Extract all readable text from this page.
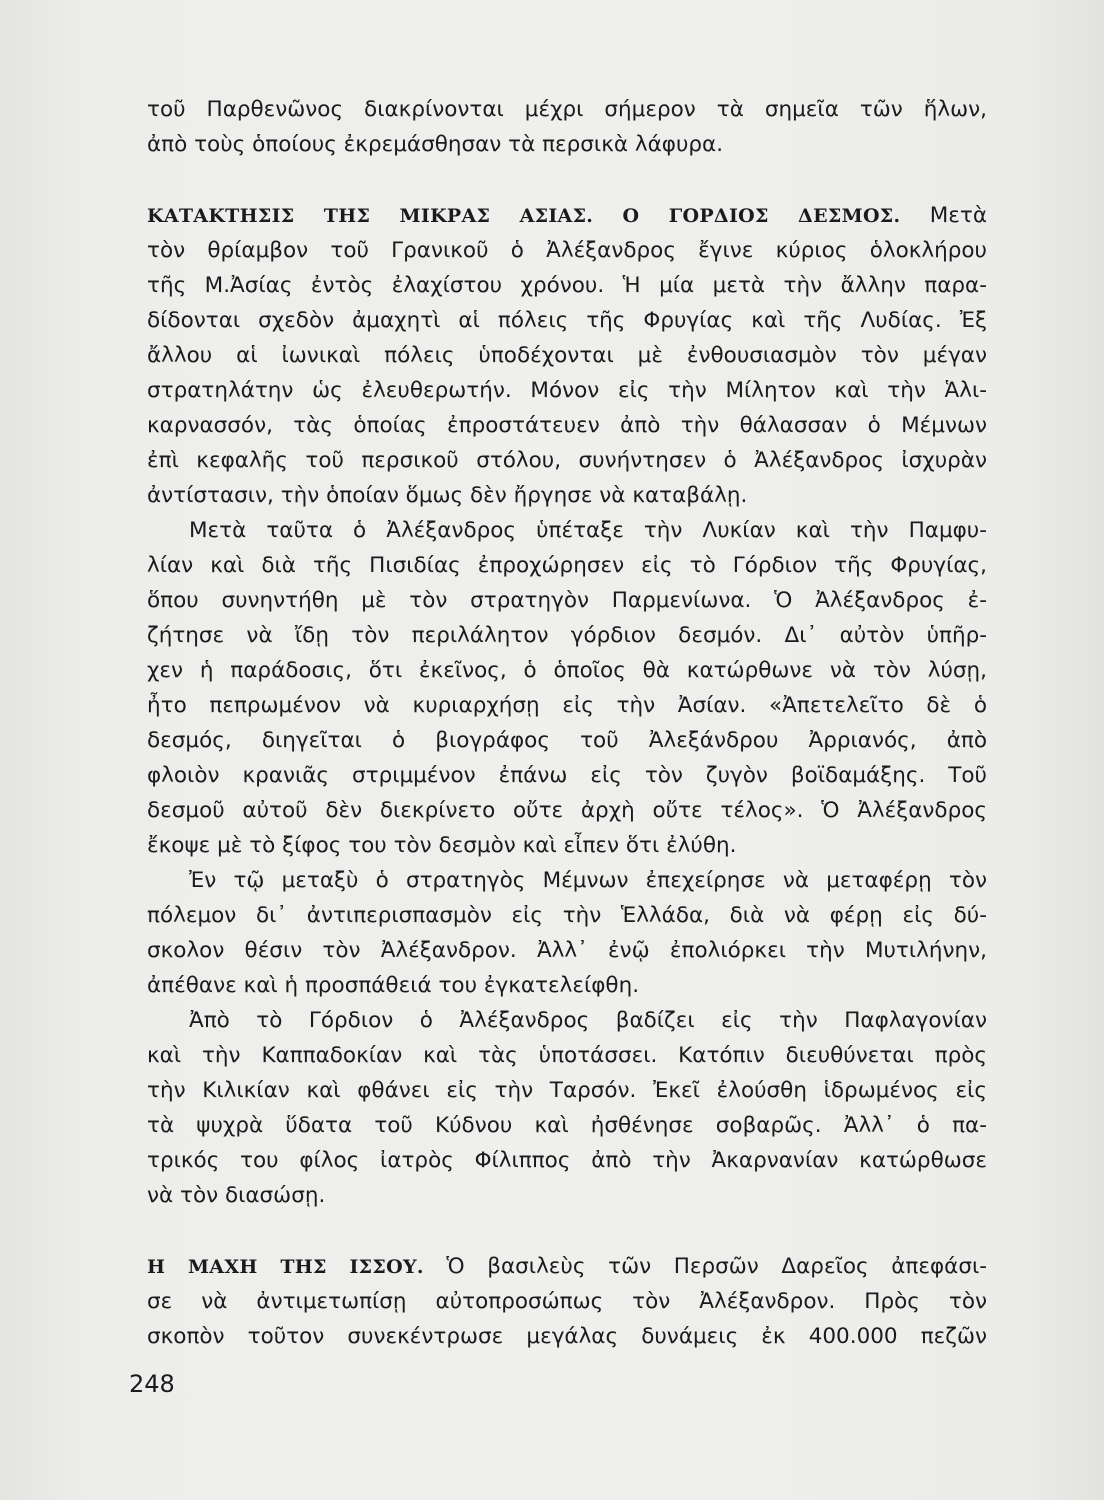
τοῦ Παρθενῶνος διακρίνονται μέχρι σήμερον τὰ σημεῖα τῶν ἥλων,
ἀπὸ τοὺς ὁποίους ἐκρεμάσθησαν τὰ περσικὰ λάφυρα.
ΚΑΤΑΚΤΗΣΙΣ ΤΗΣ ΜΙΚΡΑΣ ΑΣΙΑΣ. Ο ΓΟΡΔΙΟΣ ΔΕΣΜΟΣ. Μετὰ
τὸν θρίαμβον τοῦ Γρανικοῦ ὁ Ἀλέξανδρος ἔγινε κύριος ὁλοκλήρου
τῆς Μ.Ἀσίας ἐντὸς ἐλαχίστου χρόνου. Ἡ μία μετὰ τὴν ἄλλην παρα-
δίδονται σχεδὸν ἀμαχητὶ αἱ πόλεις τῆς Φρυγίας καὶ τῆς Λυδίας. Ἐξ
ἄλλου αἱ ἰωνικαὶ πόλεις ὑποδέχονται μὲ ἐνθουσιασμὸν τὸν μέγαν
στρατηλάτην ὡς ἐλευθερωτήν. Μόνον εἰς τὴν Μίλητον καὶ τὴν Ἁλι-
καρνασσόν, τὰς ὁποίας ἐπροστάτευεν ἀπὸ τὴν θάλασσαν ὁ Μέμνων
ἐπὶ κεφαλῆς τοῦ περσικοῦ στόλου, συνήντησεν ὁ Ἀλέξανδρος ἰσχυρὰν
ἀντίστασιν, τὴν ὁποίαν ὅμως δὲν ἤργησε νὰ καταβάλῃ.
Μετὰ ταῦτα ὁ Ἀλέξανδρος ὑπέταξε τὴν Λυκίαν καὶ τὴν Παμφυ-
λίαν καὶ διὰ τῆς Πισιδίας ἐπροχώρησεν εἰς τὸ Γόρδιον τῆς Φρυγίας,
ὅπου συνηντήθη μὲ τὸν στρατηγὸν Παρμενίωνα. Ὁ Ἀλέξανδρος ἐ-
ζήτησε νὰ ἴδῃ τὸν περιλάλητον γόρδιον δεσμόν. Δι᾿ αὐτὸν ὑπῆρ-
χεν ἡ παράδοσις, ὅτι ἐκεῖνος, ὁ ὁποῖος θὰ κατώρθωνε νὰ τὸν λύσῃ,
ἦτο πεπρωμένον νὰ κυριαρχήσῃ εἰς τὴν Ἀσίαν. «Ἀπετελεῖτο δὲ ὁ
δεσμός, διηγεῖται ὁ βιογράφος τοῦ Ἀλεξάνδρου Ἀρριανός, ἀπὸ
φλοιὸν κρανιᾶς στριμμένον ἐπάνω εἰς τὸν ζυγὸν βοϊδαμάξης. Τοῦ
δεσμοῦ αὐτοῦ δὲν διεκρίνετο οὔτε ἀρχὴ οὔτε τέλος». Ὁ Ἀλέξανδρος
ἔκοψε μὲ τὸ ξίφος του τὸν δεσμὸν καὶ εἶπεν ὅτι ἐλύθη.
Ἐν τῷ μεταξὺ ὁ στρατηγὸς Μέμνων ἐπεχείρησε νὰ μεταφέρῃ τὸν
πόλεμον δι᾿ ἀντιπερισπασμὸν εἰς τὴν Ἑλλάδα, διὰ νὰ φέρῃ εἰς δύ-
σκολον θέσιν τὸν Ἀλέξανδρον. Ἀλλ᾿ ἐνῷ ἐπολιόρκει τὴν Μυτιλήνην,
ἀπέθανε καὶ ἡ προσπάθειά του ἐγκατελείφθη.
Ἀπὸ τὸ Γόρδιον ὁ Ἀλέξανδρος βαδίζει εἰς τὴν Παφλαγονίαν
καὶ τὴν Καππαδοκίαν καὶ τὰς ὑποτάσσει. Κατόπιν διευθύνεται πρὸς
τὴν Κιλικίαν καὶ φθάνει εἰς τὴν Ταρσόν. Ἐκεῖ ἐλούσθη ἱδρωμένος εἰς
τὰ ψυχρὰ ὕδατα τοῦ Κύδνου καὶ ἠσθένησε σοβαρῶς. Ἀλλ᾿ ὁ πα-
τρικός του φίλος ἰατρὸς Φίλιππος ἀπὸ τὴν Ἀκαρνανίαν κατώρθωσε
νὰ τὸν διασώσῃ.
Η ΜΑΧΗ ΤΗΣ ΙΣΣΟΥ. Ὁ βασιλεὺς τῶν Περσῶν Δαρεῖος ἀπεφάσι-
σε νὰ ἀντιμετωπίσῃ αὐτοπροσώπως τὸν Ἀλέξανδρον. Πρὸς τὸν
σκοπὸν τοῦτον συνεκέντρωσε μεγάλας δυνάμεις ἐκ 400.000 πεζῶν
248
